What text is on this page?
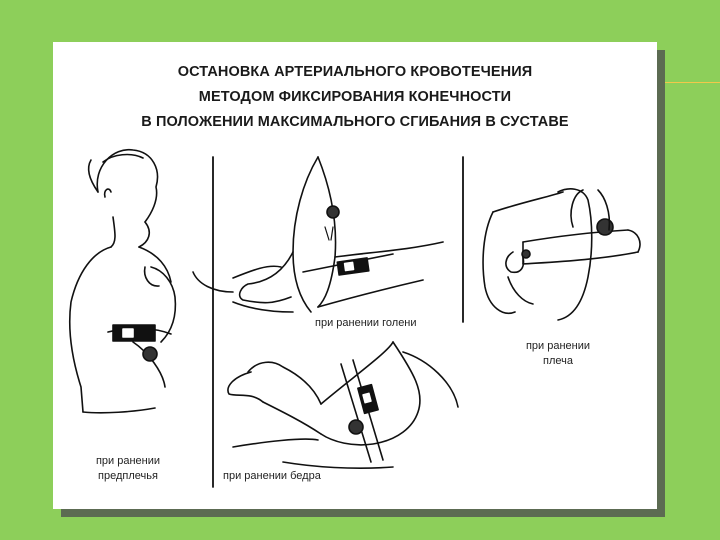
ОСТАНОВКА АРТЕРИАЛЬНОГО КРОВОТЕЧЕНИЯ
МЕТОДОМ ФИКСИРОВАНИЯ КОНЕЧНОСТИ
В ПОЛОЖЕНИИ МАКСИМАЛЬНОГО СГИБАНИЯ В СУСТАВЕ
при ранении
предплечья
при ранении голени
при ранении бедра
при ранении
плеча
